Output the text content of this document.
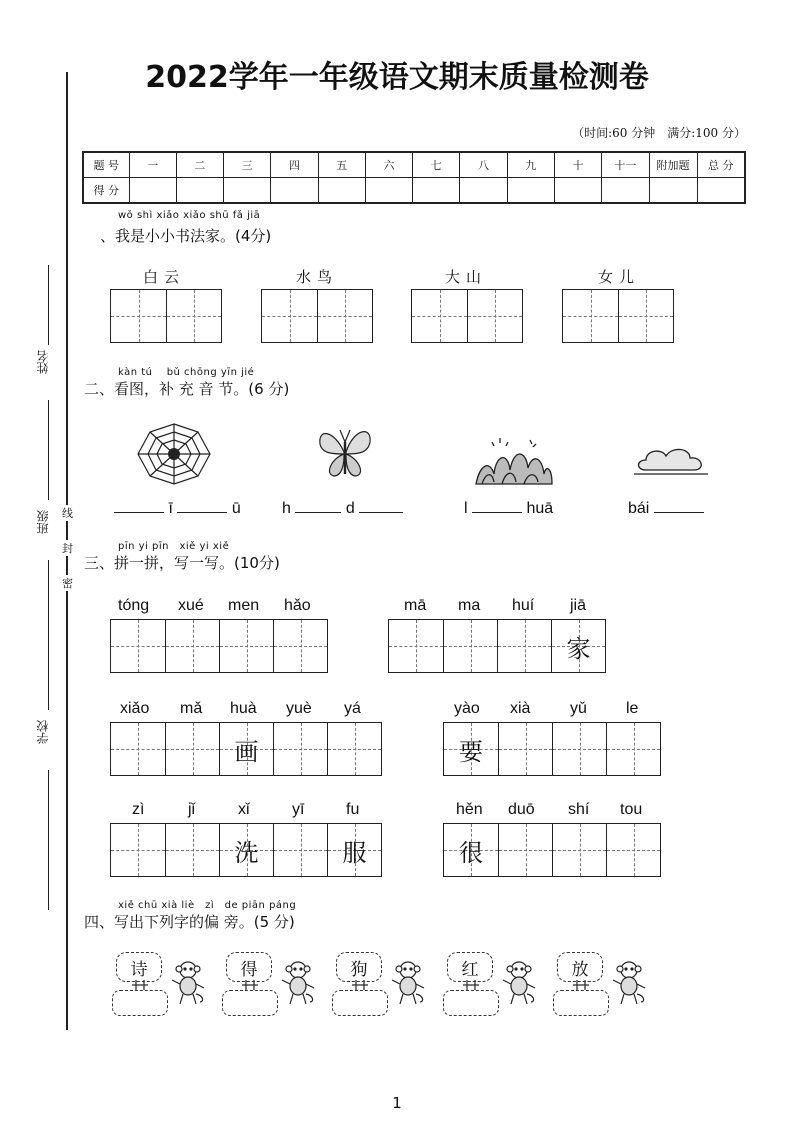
2022学年一年级语文期末质量检测卷
（时间:60 分钟　满分:100 分）
姓名
班级
学校
线
封
密
题 号	一	二	三	四	五	六	七	八	九	十	十一	附加题	总 分
得 分													
wǒ shì xiǎo xiǎo shū fǎ jiā
、我是小小书法家。(4分)
白云	水鸟	大山	女儿
kàn tú　 bǔ chōng yīn jié
二、看图，补 充 音 节。(6 分)
ī	ū	h	d	l	huā	bái
pīn yi pīn　xiě yi xiě
三、拼一拼，写一写。(10分)
tóng xué men hǎo	mā ma huí jiā
家
xiǎo mǎ huà yuè yá
画
yào xià yǔ le
要
zì	jǐ	xǐ	yī	fu
洗	服
hěn duō shí tou
很
xiě chū xià liè　zì　de piān páng
四、写出下列字的偏 旁。(5 分)
诗	得	狗	红	放
1
